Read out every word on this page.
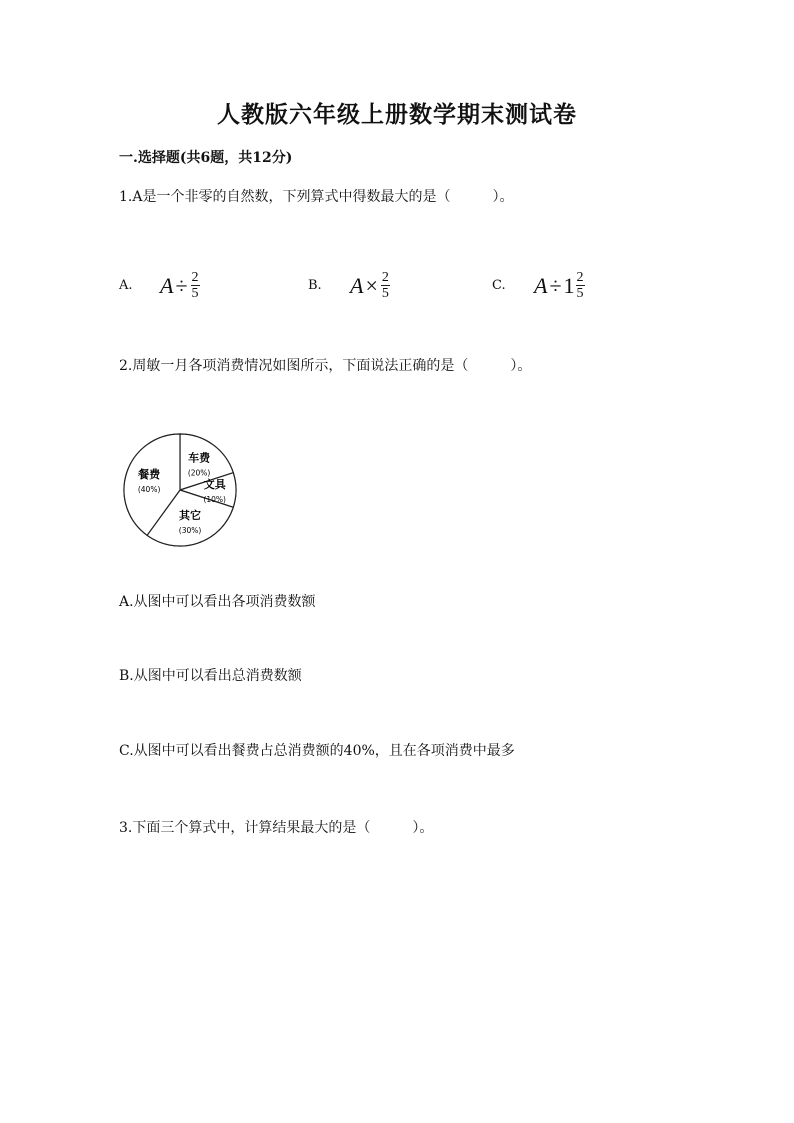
人教版六年级上册数学期末测试卷
一.选择题(共6题，共12分)
1.A是一个非零的自然数，下列算式中得数最大的是（　　　）。
A. $A \div \frac{2}{5}$	B. $A \times \frac{2}{5}$	C. $A \div 1 \frac{2}{5}$
2.周敏一月各项消费情况如图所示，下面说法正确的是（　　　）。
车费
(20%)
文具
(10%)
其它
(30%)
餐费
(40%)
A.从图中可以看出各项消费数额
B.从图中可以看出总消费数额
C.从图中可以看出餐费占总消费额的40%，且在各项消费中最多
3.下面三个算式中，计算结果最大的是（　　　）。
